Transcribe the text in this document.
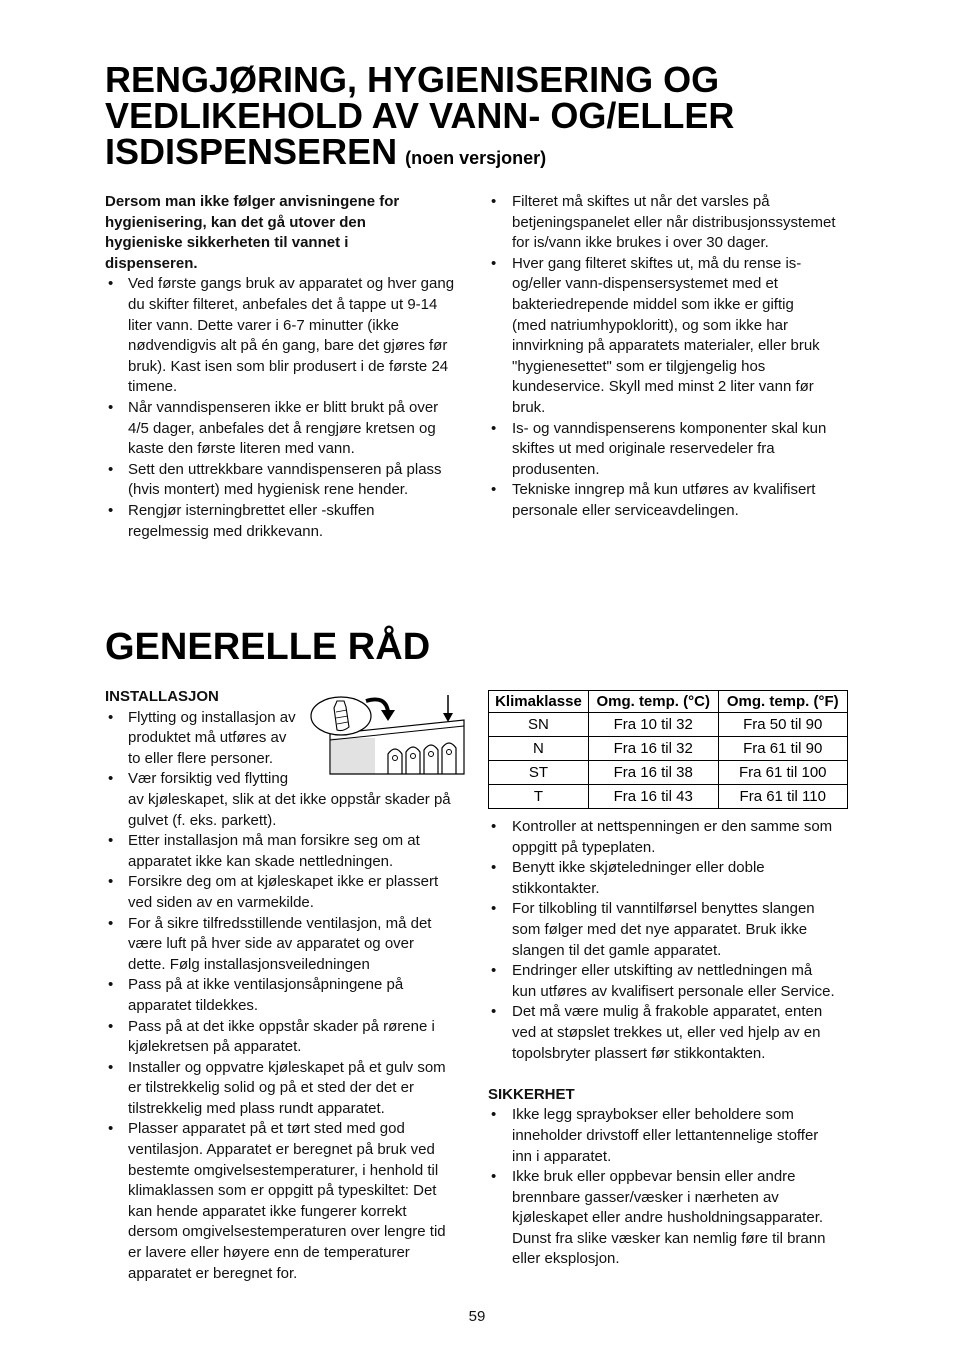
RENGJØRING, HYGIENISERING OG
VEDLIKEHOLD AV VANN- OG/ELLER
ISDISPENSEREN (noen versjoner)
Dersom man ikke følger anvisningene for
hygienisering, kan det gå utover den
hygieniske sikkerheten til vannet i
dispenseren.
• Ved første gangs bruk av apparatet og hver gang
du skifter filteret, anbefales det å tappe ut 9-14
liter vann. Dette varer i 6-7 minutter (ikke
nødvendigvis alt på én gang, bare det gjøres før
bruk). Kast isen som blir produsert i de første 24
timene.
• Når vanndispenseren ikke er blitt brukt på over
4/5 dager, anbefales det å rengjøre kretsen og
kaste den første literen med vann.
• Sett den uttrekkbare vanndispenseren på plass
(hvis montert) med hygienisk rene hender.
• Rengjør isterningbrettet eller -skuffen
regelmessig med drikkevann.
• Filteret må skiftes ut når det varsles på
betjeningspanelet eller når distribusjonssystemet
for is/vann ikke brukes i over 30 dager.
• Hver gang filteret skiftes ut, må du rense is-
og/eller vann-dispensersystemet med et
bakteriedrepende middel som ikke er giftig
(med natriumhypokloritt), og som ikke har
innvirkning på apparatets materialer, eller bruk
"hygienesettet" som er tilgjengelig hos
kundeservice. Skyll med minst 2 liter vann før
bruk.
• Is- og vanndispenserens komponenter skal kun
skiftes ut med originale reservedeler fra
produsenten.
• Tekniske inngrep må kun utføres av kvalifisert
personale eller serviceavdelingen.
GENERELLE RÅD
INSTALLASJON
• Flytting og installasjon av
produktet må utføres av
to eller flere personer.
• Vær forsiktig ved flytting
av kjøleskapet, slik at det ikke oppstår skader på
gulvet (f. eks. parkett).
• Etter installasjon må man forsikre seg om at
apparatet ikke kan skade nettledningen.
• Forsikre deg om at kjøleskapet ikke er plassert
ved siden av en varmekilde.
• For å sikre tilfredsstillende ventilasjon, må det
være luft på hver side av apparatet og over
dette. Følg installasjonsveiledningen
• Pass på at ikke ventilasjonsåpningene på
apparatet tildekkes.
• Pass på at det ikke oppstår skader på rørene i
kjølekretsen på apparatet.
• Installer og oppvatre kjøleskapet på et gulv som
er tilstrekkelig solid og på et sted der det er
tilstrekkelig med plass rundt apparatet.
• Plasser apparatet på et tørt sted med god
ventilasjon. Apparatet er beregnet på bruk ved
bestemte omgivelsestemperaturer, i henhold til
klimaklassen som er oppgitt på typeskiltet: Det
kan hende apparatet ikke fungerer korrekt
dersom omgivelsestemperaturen over lengre tid
er lavere eller høyere enn de temperaturer
apparatet er beregnet for.
Klimaklasse	Omg. temp. (°C)	Omg. temp. (°F)
SN	Fra 10 til 32	Fra 50 til 90
N	Fra 16 til 32	Fra 61 til 90
ST	Fra 16 til 38	Fra 61 til 100
T	Fra 16 til 43	Fra 61 til 110
• Kontroller at nettspenningen er den samme som
oppgitt på typeplaten.
• Benytt ikke skjøteledninger eller doble
stikkontakter.
• For tilkobling til vanntilførsel benyttes slangen
som følger med det nye apparatet. Bruk ikke
slangen til det gamle apparatet.
• Endringer eller utskifting av nettledningen må
kun utføres av kvalifisert personale eller Service.
• Det må være mulig å frakoble apparatet, enten
ved at støpslet trekkes ut, eller ved hjelp av en
topolsbryter plassert før stikkontakten.
SIKKERHET
• Ikke legg spraybokser eller beholdere som
inneholder drivstoff eller lettantennelige stoffer
inn i apparatet.
• Ikke bruk eller oppbevar bensin eller andre
brennbare gasser/væsker i nærheten av
kjøleskapet eller andre husholdningsapparater.
Dunst fra slike væsker kan nemlig føre til brann
eller eksplosjon.
59
